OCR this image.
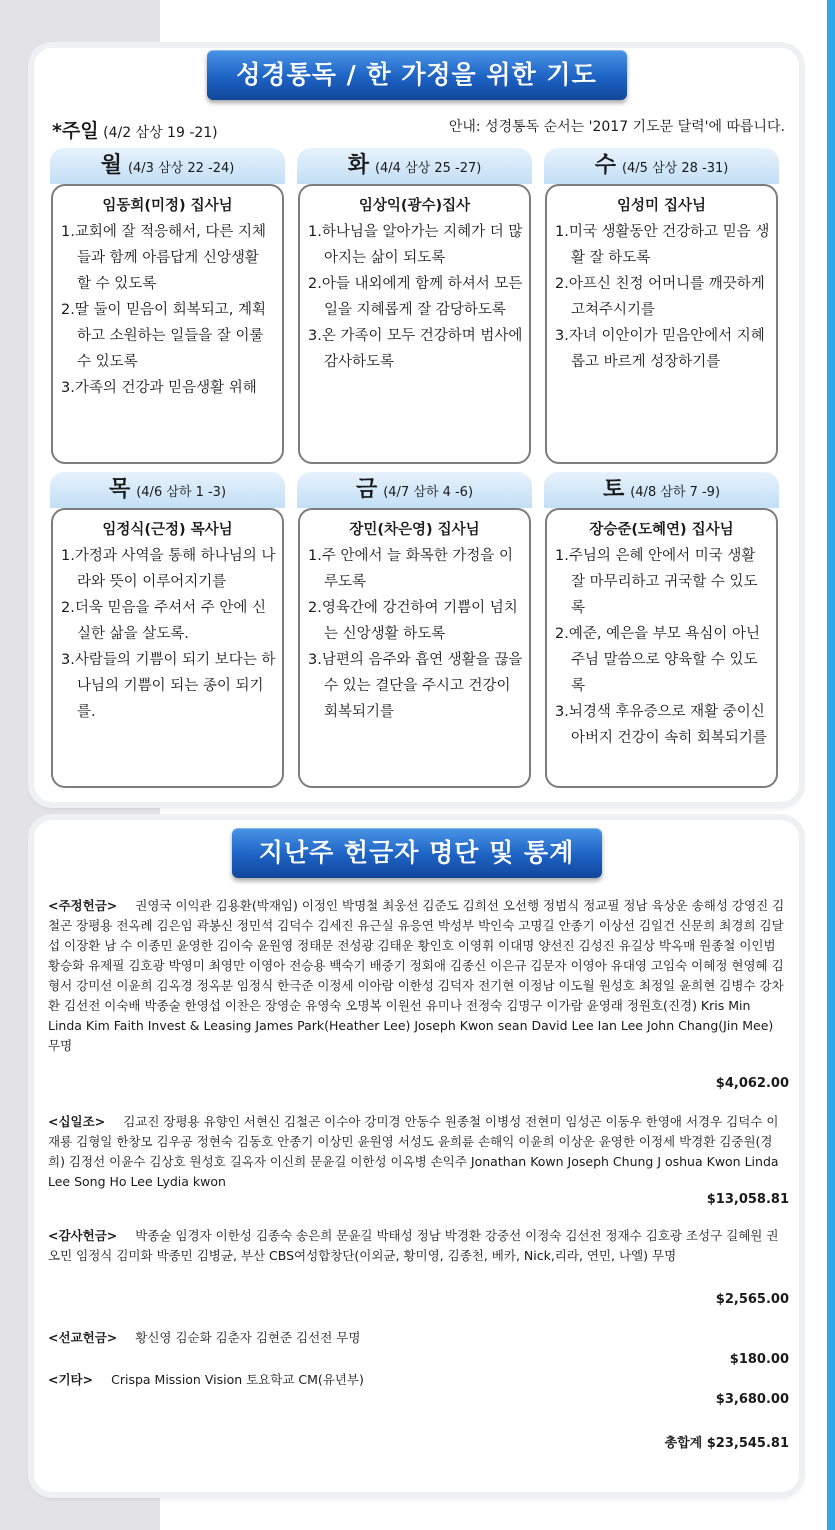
성경통독 / 한 가정을 위한 기도
*주일 (4/2 삼상 19 -21)	안내: 성경통독 순서는 '2017 기도문 달력'에 따릅니다.
월 (4/3 삼상 22 -24)
임동희(미정) 집사님
1.교회에 잘 적응해서, 다른 지체들과 함께 아름답게 신앙생활 할 수 있도록
2.딸 둘이 믿음이 회복되고, 계획하고 소원하는 일들을 잘 이룰 수 있도록
3.가족의 건강과 믿음생활 위해
화 (4/4 삼상 25 -27)
임상익(광수)집사
1.하나님을 알아가는 지혜가 더 많아지는 삶이 되도록
2.아들 내외에게 함께 하셔서 모든 일을 지혜롭게 잘 감당하도록
3.온 가족이 모두 건강하며 범사에 감사하도록
수 (4/5 삼상 28 -31)
임성미 집사님
1.미국 생활동안 건강하고 믿음 생활 잘 하도록
2.아프신 친정 어머니를 깨끗하게 고쳐주시기를
3.자녀 이안이가 믿음안에서 지혜롭고 바르게 성장하기를
목 (4/6 삼하 1 -3)
임정식(근정) 목사님
1.가정과 사역을 통해 하나님의 나라와 뜻이 이루어지기를
2.더욱 믿음을 주셔서 주 안에 신실한 삶을 살도록.
3.사람들의 기쁨이 되기 보다는 하나님의 기쁨이 되는 종이 되기를.
금 (4/7 삼하 4 -6)
장민(차은영) 집사님
1.주 안에서 늘 화목한 가정을 이루도록
2.영육간에 강건하여 기쁨이 넘치는 신앙생활 하도록
3.남편의 음주와 흡연 생활을 끊을 수 있는 결단을 주시고 건강이 회복되기를
토 (4/8 삼하 7 -9)
장승준(도혜연) 집사님
1.주님의 은혜 안에서 미국 생활 잘 마무리하고 귀국할 수 있도록
2.예준, 예은을 부모 욕심이 아닌 주님 말씀으로 양육할 수 있도록
3.뇌경색 후유증으로 재활 중이신 아버지 건강이 속히 회복되기를
지난주 헌금자 명단 및 통계
<주정헌금> 권영국 이익관 김용환(박재임) 이정인 박명철 최웅선 김준도 김희선 오선행 정범식 정교필 정남 육상운 송해성 강영진 김철곤 장평용 전옥례 김은임 곽봉신 정민석 김덕수 김세진 유근실 유응연 박성부 박인숙 고명길 안종기 이상선 김일건 신문희 최경희 김달섭 이장환 남 수 이종민 윤영한 김이숙 윤원영 정태문 전성광 김태운 황인호 이영휘 이대명 양선진 김성진 유길상 박옥매 원종철 이인범 황승화 유제필 김호광 박영미 최영만 이영아 전승용 백숙기 배중기 정회애 김종신 이은규 김문자 이영아 유대영 고임숙 이혜정 현영혜 김형서 강미선 이윤희 김옥경 정옥분 임정식 한극준 이정세 이아람 이한성 김덕자 전기현 이정남 이도월 원성호 최정일 윤희현 김병수 강차환 김선전 이숙배 박종술 한영섭 이찬은 장영순 유영숙 오명복 이원선 유미나 전정숙 김명구 이가람 윤영래 정원호(진경) Kris Min Linda Kim Faith Invest & Leasing James Park(Heather Lee) Joseph Kwon sean David Lee Ian Lee John Chang(Jin Mee) 무명
$4,062.00
<십일조> 김교진 장평용 유향인 서현신 김철곤 이수아 강미경 안동수 원종철 이병성 전현미 임성곤 이동우 한영애 서경우 김덕수 이재룡 김형일 한창모 김우공 정현숙 김동호 안종기 이상민 윤원영 서성도 윤희륜 손해익 이윤희 이상운 윤영한 이정세 박경환 김중원(경희) 김정선 이윤수 김상호 원성호 길옥자 이신희 문윤길 이한성 이옥병 손익주 Jonathan Kown Joseph Chung J oshua Kwon Linda Lee Song Ho Lee Lydia kwon
$13,058.81
<감사헌금> 박종술 임경자 이한성 김종숙 송은희 문윤길 박태성 정남 박경환 강중선 이정숙 김선전 정재수 김호광 조성구 길혜원 권오민 임정식 김미화 박종민 김병균, 부산 CBS여성합창단(이외균, 황미영, 김종천, 베카, Nick,리라, 연민, 나엘) 무명
$2,565.00
<선교헌금> 황신영 김순화 김춘자 김현준 김선전 무명
$180.00
<기타> Crispa Mission Vision 토요학교 CM(유년부)
$3,680.00
총합계 $23,545.81
